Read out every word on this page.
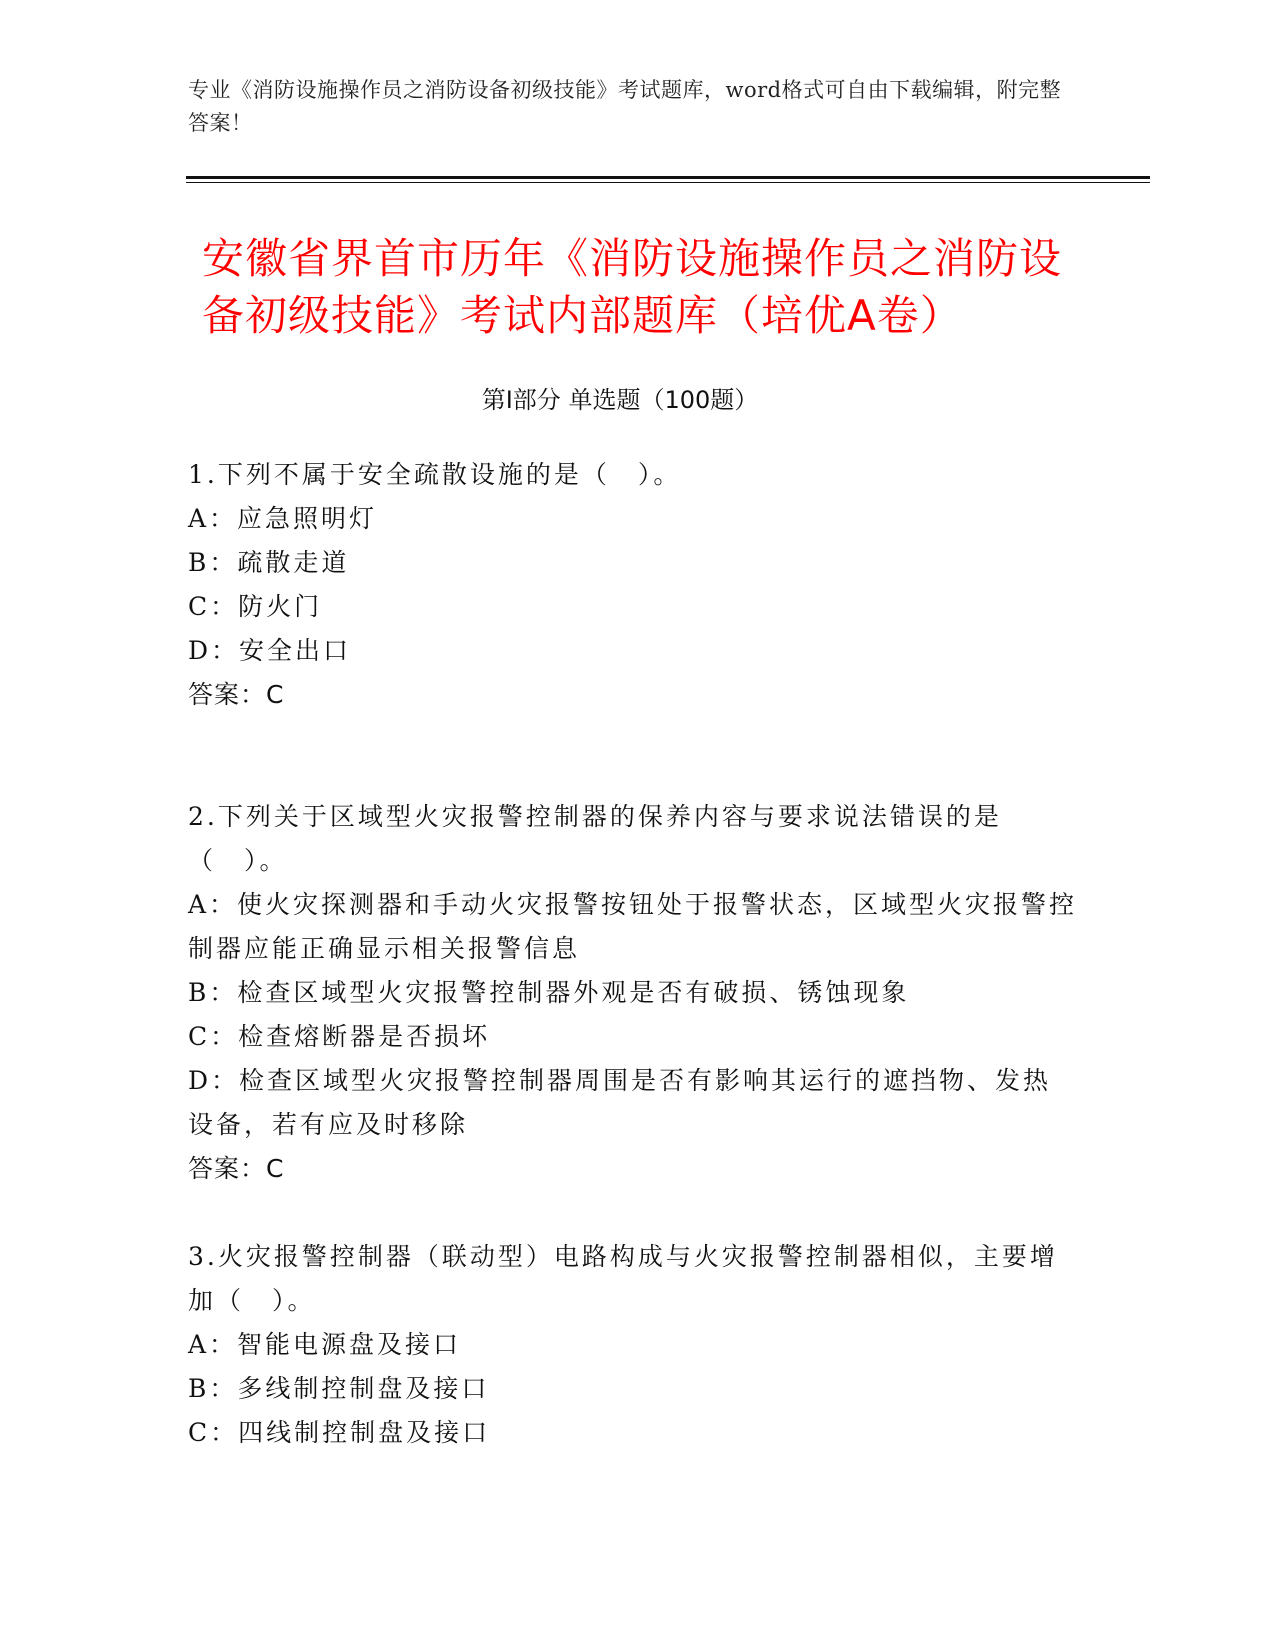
专业《消防设施操作员之消防设备初级技能》考试题库，word格式可自由下载编辑，附完整答案！
安徽省界首市历年《消防设施操作员之消防设备初级技能》考试内部题库（培优A卷）
第Ⅰ部分 单选题（100题）

1.下列不属于安全疏散设施的是（　）。

A：应急照明灯

B：疏散走道

C：防火门

D：安全出口

答案：C

2.下列关于区域型火灾报警控制器的保养内容与要求说法错误的是（　）。

A：使火灾探测器和手动火灾报警按钮处于报警状态，区域型火灾报警控制器应能正确显示相关报警信息

B：检查区域型火灾报警控制器外观是否有破损、锈蚀现象

C：检查熔断器是否损坏

D：检查区域型火灾报警控制器周围是否有影响其运行的遮挡物、发热设备，若有应及时移除

答案：C

3.火灾报警控制器（联动型）电路构成与火灾报警控制器相似，主要增加（　）。

A：智能电源盘及接口

B：多线制控制盘及接口

C：四线制控制盘及接口
